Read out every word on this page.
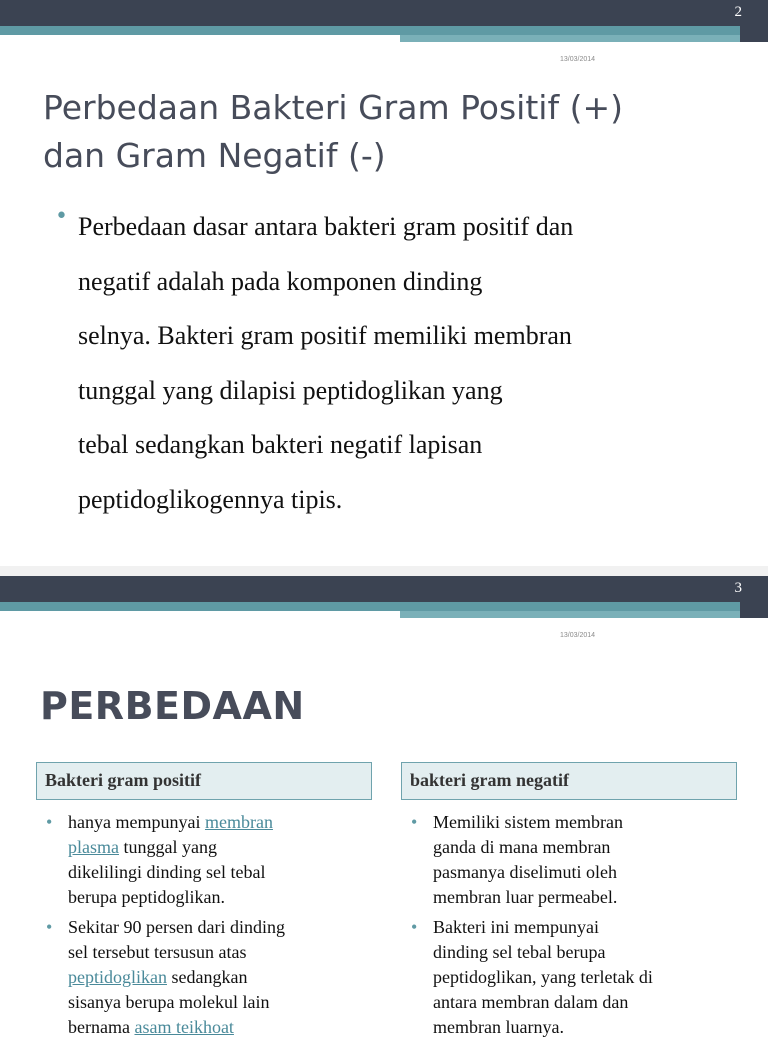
2
13/03/2014
Perbedaan Bakteri Gram Positif (+)
dan Gram Negatif (-)
• Perbedaan dasar antara bakteri gram positif dan
negatif adalah pada komponen dinding
selnya. Bakteri gram positif memiliki membran
tunggal yang dilapisi peptidoglikan yang
tebal sedangkan bakteri negatif lapisan
peptidoglikogennya tipis.

3
13/03/2014
PERBEDAAN
Bakteri gram positif
• hanya mempunyai membran
plasma tunggal yang
dikelilingi dinding sel tebal
berupa peptidoglikan.
• Sekitar 90 persen dari dinding
sel tersebut tersusun atas
peptidoglikan sedangkan
sisanya berupa molekul lain
bernama asam teikhoat
bakteri gram negatif
• Memiliki sistem membran
ganda di mana membran
pasmanya diselimuti oleh
membran luar permeabel.
• Bakteri ini mempunyai
dinding sel tebal berupa
peptidoglikan, yang terletak di
antara membran dalam dan
membran luarnya.
